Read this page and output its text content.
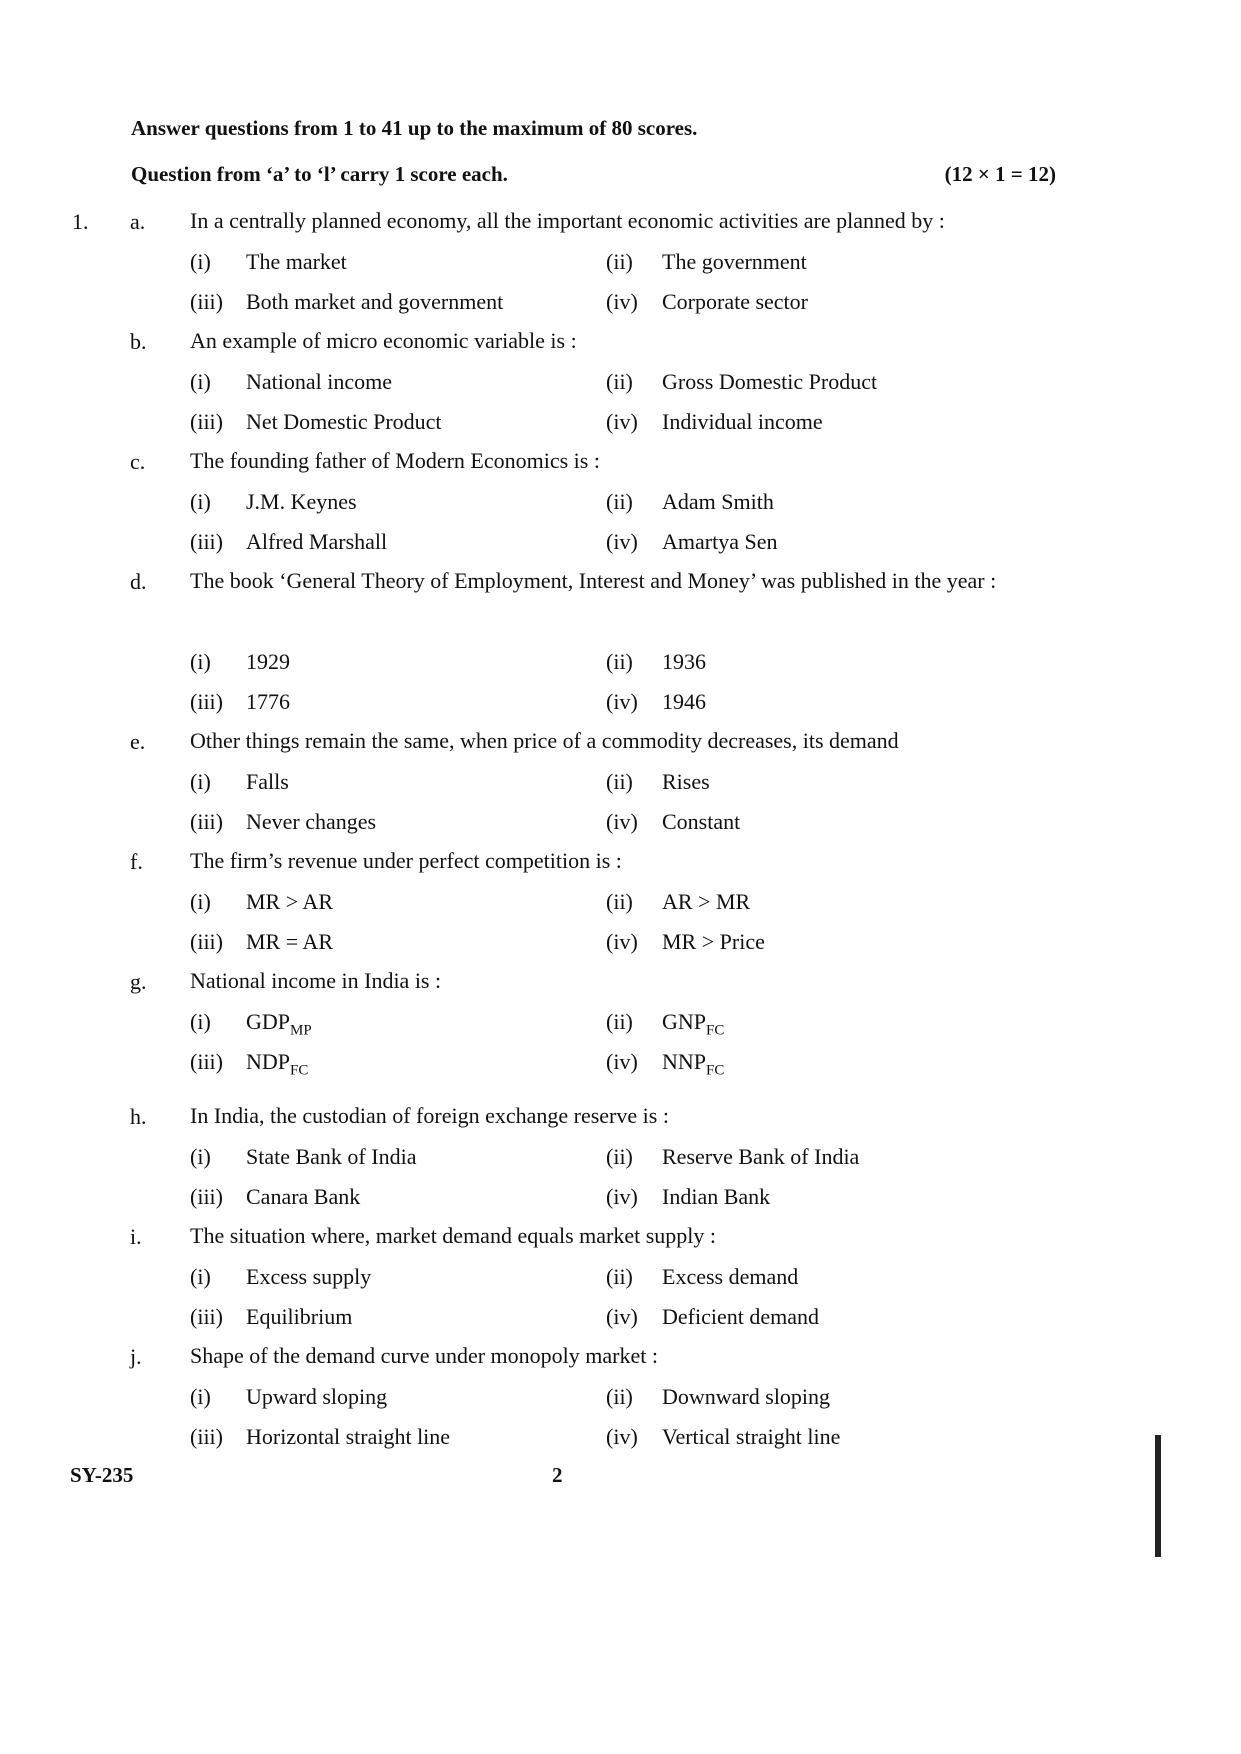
Answer questions from 1 to 41 up to the maximum of 80 scores.
Question from ‘a’ to ‘l’ carry 1 score each.	(12 × 1 = 12)
1. a. In a centrally planned economy, all the important economic activities are planned by :
(i) The market	(ii) The government
(iii) Both market and government	(iv) Corporate sector
b. An example of micro economic variable is :
(i) National income	(ii) Gross Domestic Product
(iii) Net Domestic Product	(iv) Individual income
c. The founding father of Modern Economics is :
(i) J.M. Keynes	(ii) Adam Smith
(iii) Alfred Marshall	(iv) Amartya Sen
d. The book ‘General Theory of Employment, Interest and Money’ was published in the year :
(i) 1929	(ii) 1936
(iii) 1776	(iv) 1946
e. Other things remain the same, when price of a commodity decreases, its demand
(i) Falls	(ii) Rises
(iii) Never changes	(iv) Constant
f. The firm’s revenue under perfect competition is :
(i) MR > AR	(ii) AR > MR
(iii) MR = AR	(iv) MR > Price
g. National income in India is :
(i) $GDP_{MP}$	(ii) $GNP_{FC}$
(iii) $NDP_{FC}$	(iv) $NNP_{FC}$
h. In India, the custodian of foreign exchange reserve is :
(i) State Bank of India	(ii) Reserve Bank of India
(iii) Canara Bank	(iv) Indian Bank
i. The situation where, market demand equals market supply :
(i) Excess supply	(ii) Excess demand
(iii) Equilibrium	(iv) Deficient demand
j. Shape of the demand curve under monopoly market :
(i) Upward sloping	(ii) Downward sloping
(iii) Horizontal straight line	(iv) Vertical straight line
SY-235	2
